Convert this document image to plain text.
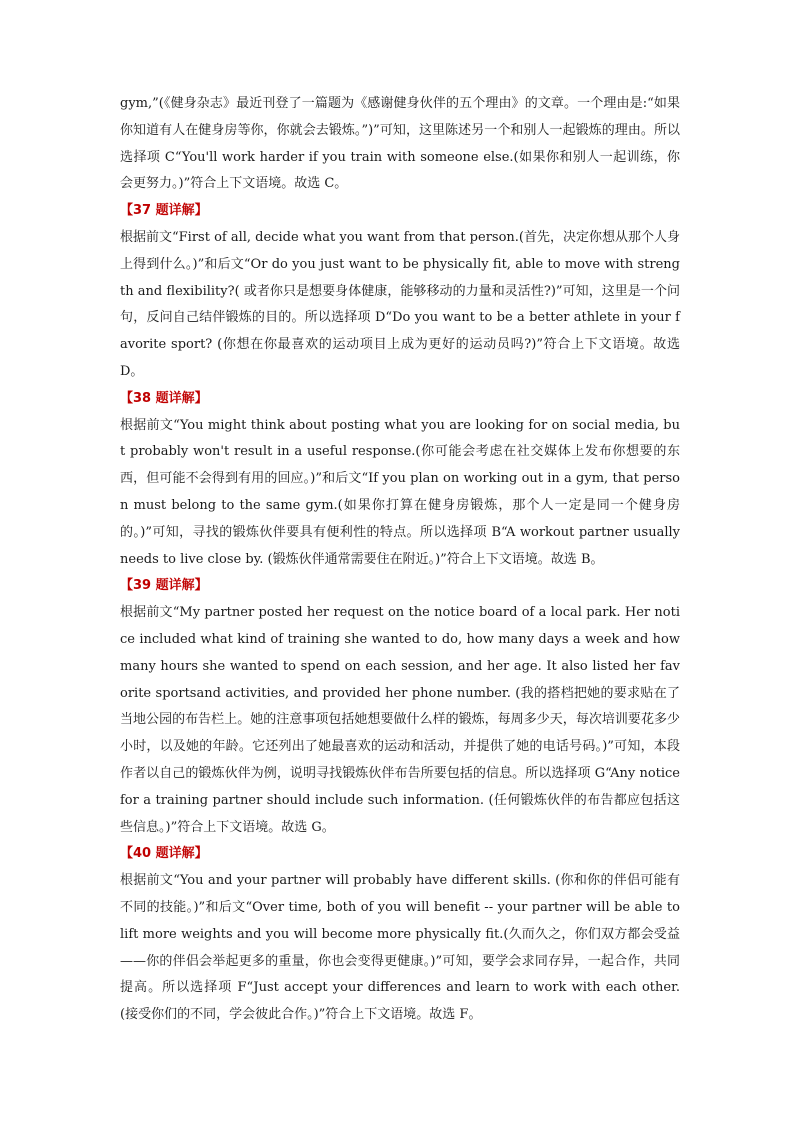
gym,”(《健身杂志》最近刊登了一篇题为《感谢健身伙伴的五个理由》的文章。一个理由是:“如果你知道有人在健身房等你，你就会去锻炼。”)”可知，这里陈述另一个和别人一起锻炼的理由。所以选择项 C“You'll work harder if you train with someone else.(如果你和别人一起训练，你会更努力。)”符合上下文语境。故选 C。

【37 题详解】

根据前文“First of all, decide what you want from that person.(首先，决定你想从那个人身上得到什么。)”和后文“Or do you just want to be physically fit, able to move with strength and flexibility?( 或者你只是想要身体健康，能够移动的力量和灵活性?)”可知，这里是一个问句，反问自己结伴锻炼的目的。所以选择项 D“Do you want to be a better athlete in your favorite sport? (你想在你最喜欢的运动项目上成为更好的运动员吗?)”符合上下文语境。故选 D。

【38 题详解】

根据前文“You might think about posting what you are looking for on social media, but probably won't result in a useful response.(你可能会考虑在社交媒体上发布你想要的东西，但可能不会得到有用的回应。)”和后文“If you plan on working out in a gym, that person must belong to the same gym.(如果你打算在健身房锻炼，那个人一定是同一个健身房的。)”可知，寻找的锻炼伙伴要具有便利性的特点。所以选择项 B“A workout partner usually needs to live close by. (锻炼伙伴通常需要住在附近。)”符合上下文语境。故选 B。

【39 题详解】

根据前文“My partner posted her request on the notice board of a local park. Her notice included what kind of training she wanted to do, how many days a week and how many hours she wanted to spend on each session, and her age. It also listed her favorite sportsand activities, and provided her phone number. (我的搭档把她的要求贴在了当地公园的布告栏上。她的注意事项包括她想要做什么样的锻炼，每周多少天，每次培训要花多少小时，以及她的年龄。它还列出了她最喜欢的运动和活动，并提供了她的电话号码。)”可知，本段作者以自己的锻炼伙伴为例，说明寻找锻炼伙伴布告所要包括的信息。所以选择项 G“Any notice for a training partner should include such information. (任何锻炼伙伴的布告都应包括这些信息。)”符合上下文语境。故选 G。

【40 题详解】

根据前文“You and your partner will probably have different skills. (你和你的伴侣可能有不同的技能。)”和后文“Over time, both of you will benefit -- your partner will be able to lift more weights and you will become more physically fit.(久而久之，你们双方都会受益——你的伴侣会举起更多的重量，你也会变得更健康。)”可知，要学会求同存异，一起合作，共同提高。所以选择项 F“Just accept your differences and learn to work with each other. (接受你们的不同，学会彼此合作。)”符合上下文语境。故选 F。
